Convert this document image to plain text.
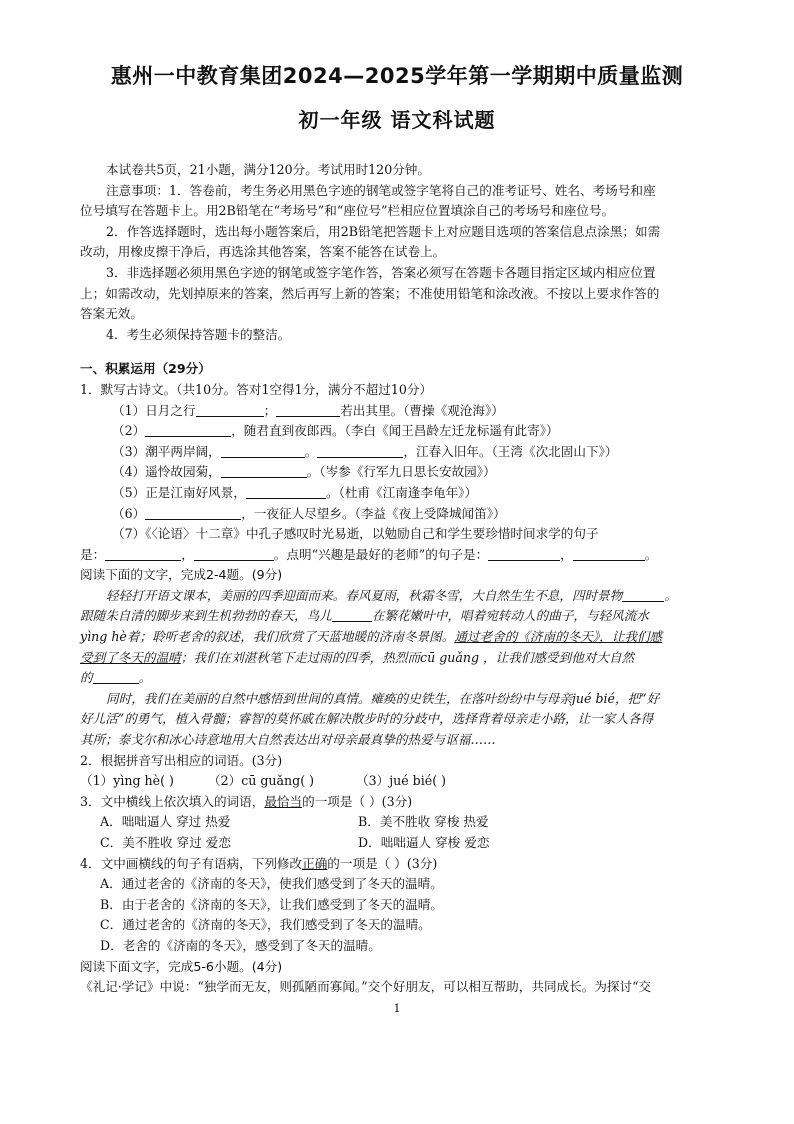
惠州一中教育集团2024—2025学年第一学期期中质量监测
初一年级 语文科试题

本试卷共5页，21小题，满分120分。考试用时120分钟。

注意事项：1．答卷前，考生务必用黑色字迹的钢笔或签字笔将自己的准考证号、姓名、考场号和座

位号填写在答题卡上。用2B铅笔在“考场号”和“座位号”栏相应位置填涂自己的考场号和座位号。

2．作答选择题时，选出每小题答案后，用2B铅笔把答题卡上对应题目选项的答案信息点涂黑；如需

改动，用橡皮擦干净后，再选涂其他答案，答案不能答在试卷上。

3．非选择题必须用黑色字迹的钢笔或签字笔作答，答案必须写在答题卡各题目指定区域内相应位置

上；如需改动，先划掉原来的答案，然后再写上新的答案；不准使用铅笔和涂改液。不按以上要求作答的

答案无效。

4．考生必须保持答题卡的整洁。

一、积累运用（29分）

1．默写古诗文。（共10分。答对1空得1分，满分不超过10分）

（1）日月之行	；	若出其里。（曹操《观沧海》）

（2）	，随君直到夜郎西。（李白《闻王昌龄左迁龙标遥有此寄》）

（3）潮平两岸阔，	。	，江春入旧年。（王湾《次北固山下》）

（4）遥怜故园菊，	。（岑参《行军九日思长安故园》）

（5）正是江南好风景，	。（杜甫《江南逢李龟年》）

（6）	，一夜征人尽望乡。（李益《夜上受降城闻笛》）

（7）《〈论语〉十二章》中孔子感叹时光易逝，以勉励自己和学生要珍惜时间求学的句子

是：	，	。点明“兴趣是最好的老师”的句子是：	，	。

阅读下面的文字，完成2-4题。(9分)

轻轻打开语文课本，美丽的四季迎面而来。春风夏雨，秋霜冬雪，大自然生生不息，四时景物	。

跟随朱自清的脚步来到生机勃勃的春天，鸟儿	在繁花嫩叶中，唱着宛转动人的曲子，与轻风流水

yìng hè着；聆听老舍的叙述，我们欣赏了天蓝地暖的济南冬景图。通过老舍的《济南的冬天》，让我们感

受到了冬天的温晴；我们在刘湛秋笔下走过雨的四季，热烈而cū guǎng ，让我们感受到他对大自然

的	。

同时，我们在美丽的自然中感悟到世间的真情。瘫痪的史铁生，在落叶纷纷中与母亲jué bié，把“好

好儿活”的勇气，植入骨髓；睿智的莫怀戚在解决散步时的分歧中，选择背着母亲走小路，让一家人各得

其所；泰戈尔和冰心诗意地用大自然表达出对母亲最真挚的热爱与讴福……

2．根据拼音写出相应的词语。(3分)

（1）yìng hè( )	（2）cū guǎng( )	（3）jué bié( )

3．文中横线上依次填入的词语，最恰当的一项是（ ）(3分)

A．咄咄逼人 穿过 热爱	B．美不胜收 穿梭 热爱

C．美不胜收 穿过 爱恋	D．咄咄逼人 穿梭 爱恋

4．文中画横线的句子有语病，下列修改正确的一项是（ ）(3分)

A．通过老舍的《济南的冬天》，使我们感受到了冬天的温晴。

B．由于老舍的《济南的冬天》，让我们感受到了冬天的温晴。

C．通过老舍的《济南的冬天》，我们感受到了冬天的温晴。

D．老舍的《济南的冬天》，感受到了冬天的温晴。

阅读下面文字，完成5-6小题。(4分)

《礼记·学记》中说：“独学而无友，则孤陋而寡闻。”交个好朋友，可以相互帮助，共同成长。为探讨“交

1
